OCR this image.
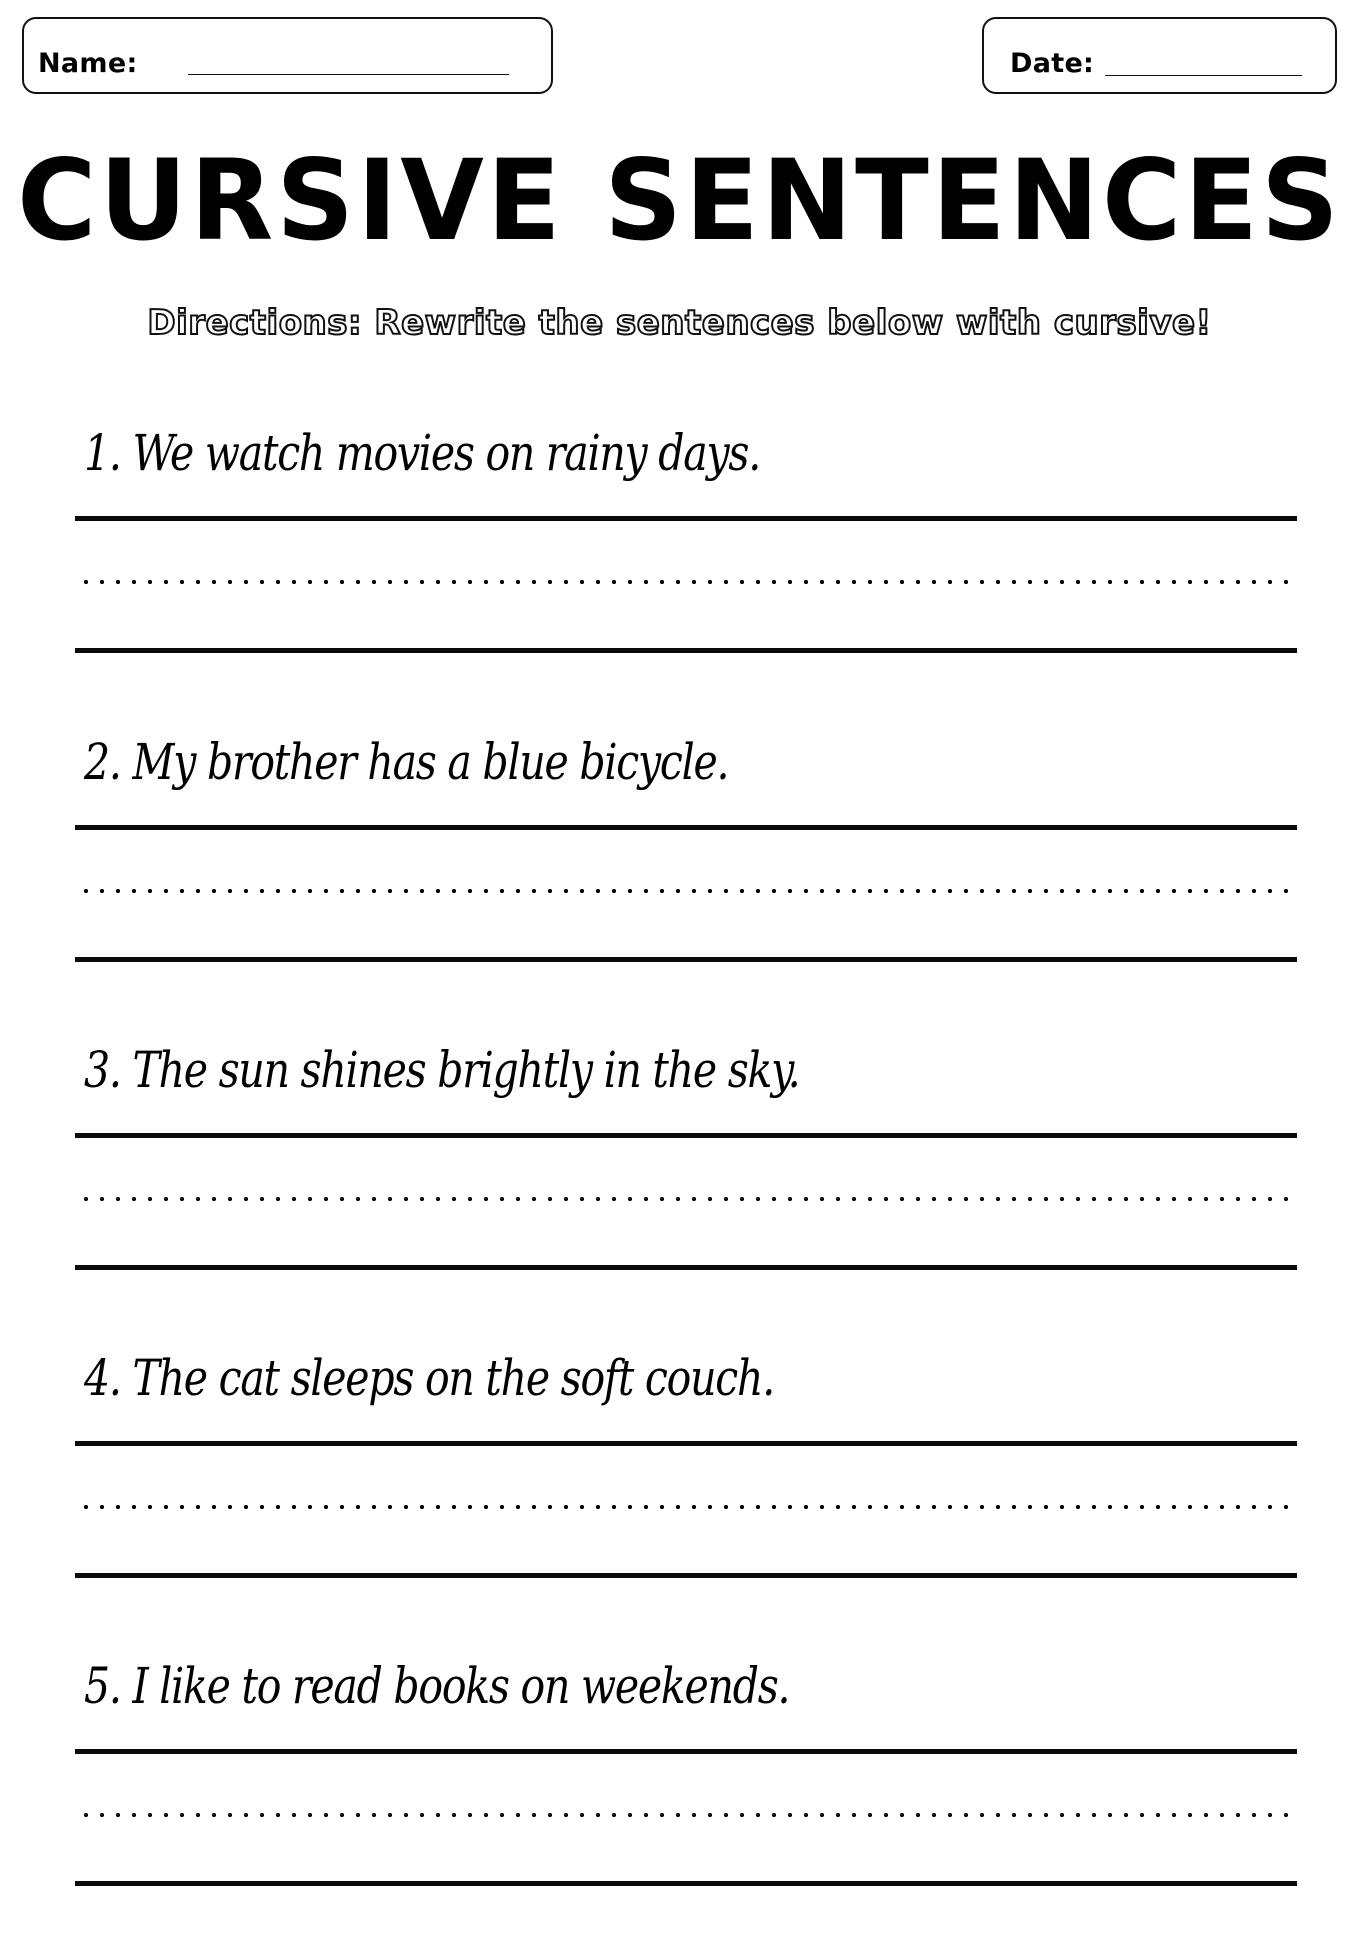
Name:	Date:
CURSIVE SENTENCES
Directions: Rewrite the sentences below with cursive!
1. We watch movies on rainy days.
2. My brother has a blue bicycle.
3. The sun shines brightly in the sky.
4. The cat sleeps on the soft couch.
5. I like to read books on weekends.
